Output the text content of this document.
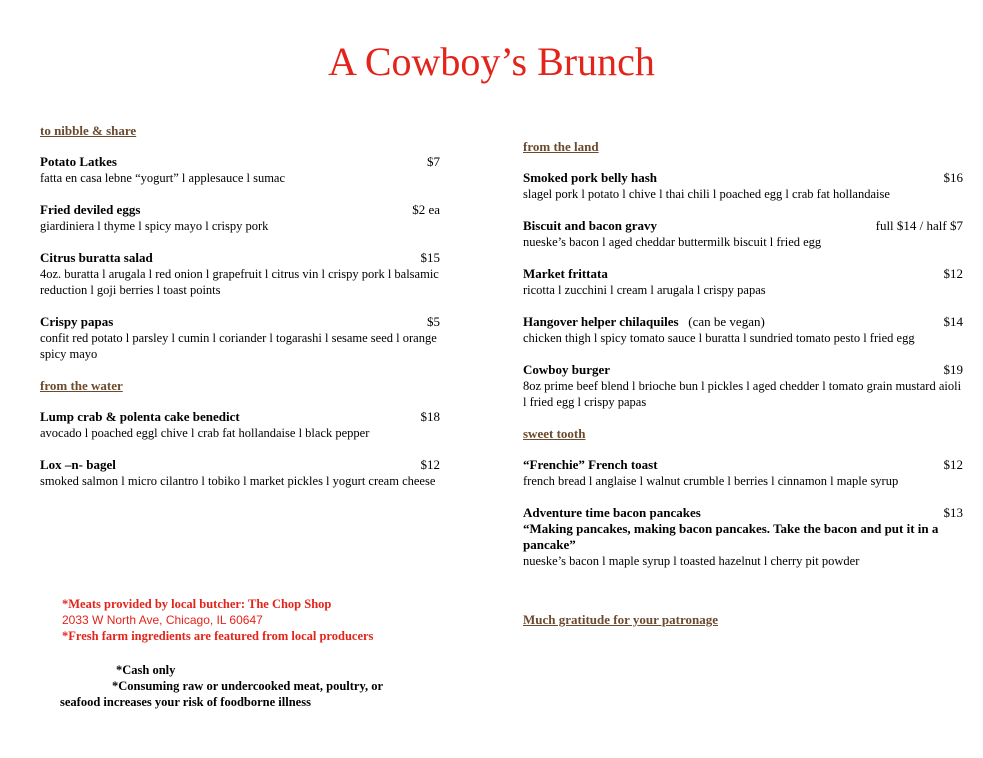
A Cowboy’s Brunch
to nibble & share
Potato Latkes	$7
fatta en casa lebne “yogurt” l applesauce l sumac
Fried deviled eggs	$2 ea
giardiniera l thyme l spicy mayo l crispy pork
Citrus buratta salad	$15
4oz. buratta l arugala l red onion l grapefruit l citrus vin l crispy pork l balsamic reduction l goji berries l toast points
Crispy papas	$5
confit red potato l parsley l cumin l coriander l togarashi l sesame seed l orange spicy mayo
from the water
Lump crab & polenta cake benedict	$18
avocado l poached eggl chive l crab fat hollandaise l black pepper
Lox –n- bagel	$12
smoked salmon l micro cilantro l tobiko l market pickles l yogurt cream cheese
from the land
Smoked pork belly hash	$16
slagel pork l potato l chive l thai chili l poached egg l crab fat hollandaise
Biscuit and bacon gravy	full $14 / half $7
nueske’s bacon l aged cheddar buttermilk biscuit l fried egg
Market frittata	$12
ricotta l zucchini l cream l arugala l crispy papas
Hangover helper chilaquiles (can be vegan)	$14
chicken thigh l spicy tomato sauce l buratta l sundried tomato pesto l fried egg
Cowboy burger	$19
8oz prime beef blend l brioche bun l pickles l aged chedder l tomato grain mustard aioli l fried egg l crispy papas
sweet tooth
“Frenchie” French toast	$12
french bread l anglaise l walnut crumble l berries l cinnamon l maple syrup
Adventure time bacon pancakes	$13
“Making pancakes, making bacon pancakes. Take the bacon and put it in a pancake”
nueske’s bacon l maple syrup l toasted hazelnut l cherry pit powder
*Meats provided by local butcher: The Chop Shop
2033 W North Ave, Chicago, IL 60647
*Fresh farm ingredients are featured from local producers
*Cash only
*Consuming raw or undercooked meat, poultry, or
seafood increases your risk of foodborne illness
Much gratitude for your patronage
